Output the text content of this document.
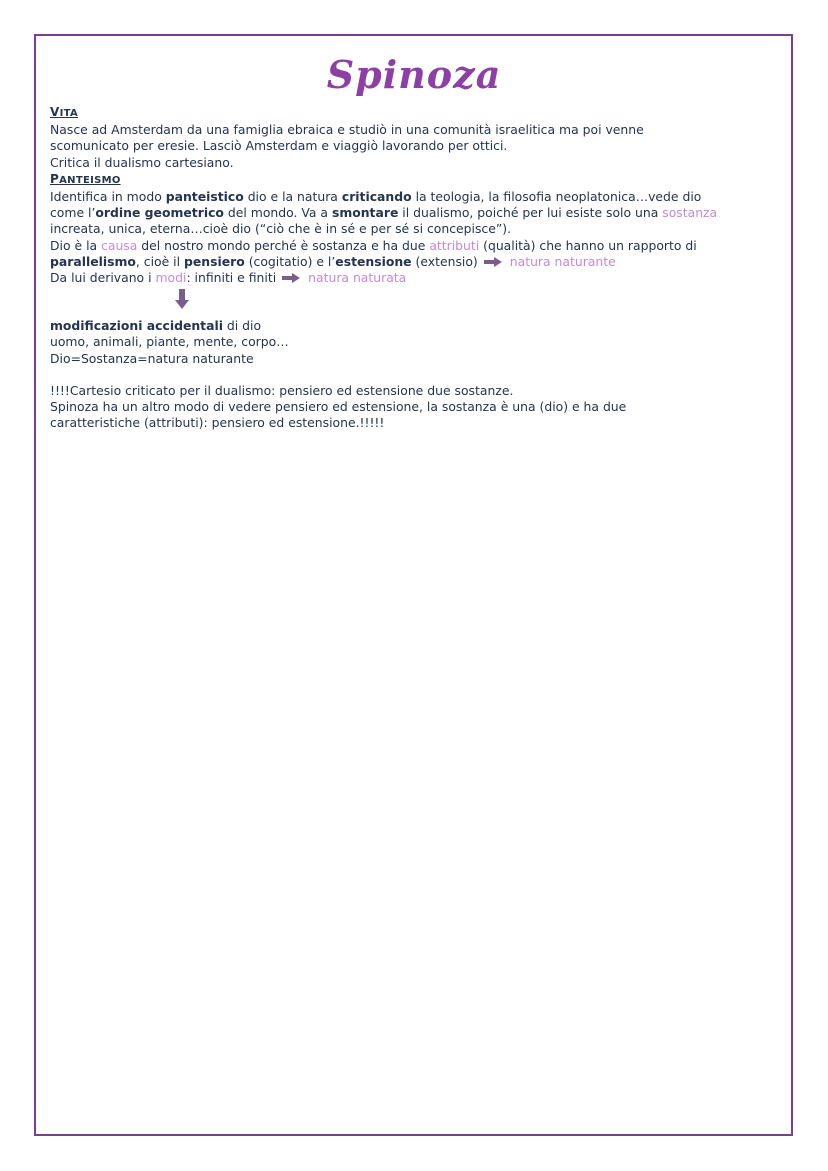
Spinoza
VITA
Nasce ad Amsterdam da una famiglia ebraica e studiò in una comunità israelitica ma poi venne
scomunicato per eresie. Lasciò Amsterdam e viaggiò lavorando per ottici.
Critica il dualismo cartesiano.
PANTEISMO
Identifica in modo panteistico dio e la natura criticando la teologia, la filosofia neoplatonica…vede dio
come l’ordine geometrico del mondo. Va a smontare il dualismo, poiché per lui esiste solo una sostanza
increata, unica, eterna…cioè dio (“ciò che è in sé e per sé si concepisce”).
Dio è la causa del nostro mondo perché è sostanza e ha due attributi (qualità) che hanno un rapporto di
parallelismo, cioè il pensiero (cogitatio) e l’estensione (extensio)	natura naturante
Da lui derivano i modi: infiniti e finiti	natura naturata
modificazioni accidentali di dio
uomo, animali, piante, mente, corpo…
Dio=Sostanza=natura naturante
!!!!Cartesio criticato per il dualismo: pensiero ed estensione due sostanze.
Spinoza ha un altro modo di vedere pensiero ed estensione, la sostanza è una (dio) e ha due
caratteristiche (attributi): pensiero ed estensione.!!!!!
